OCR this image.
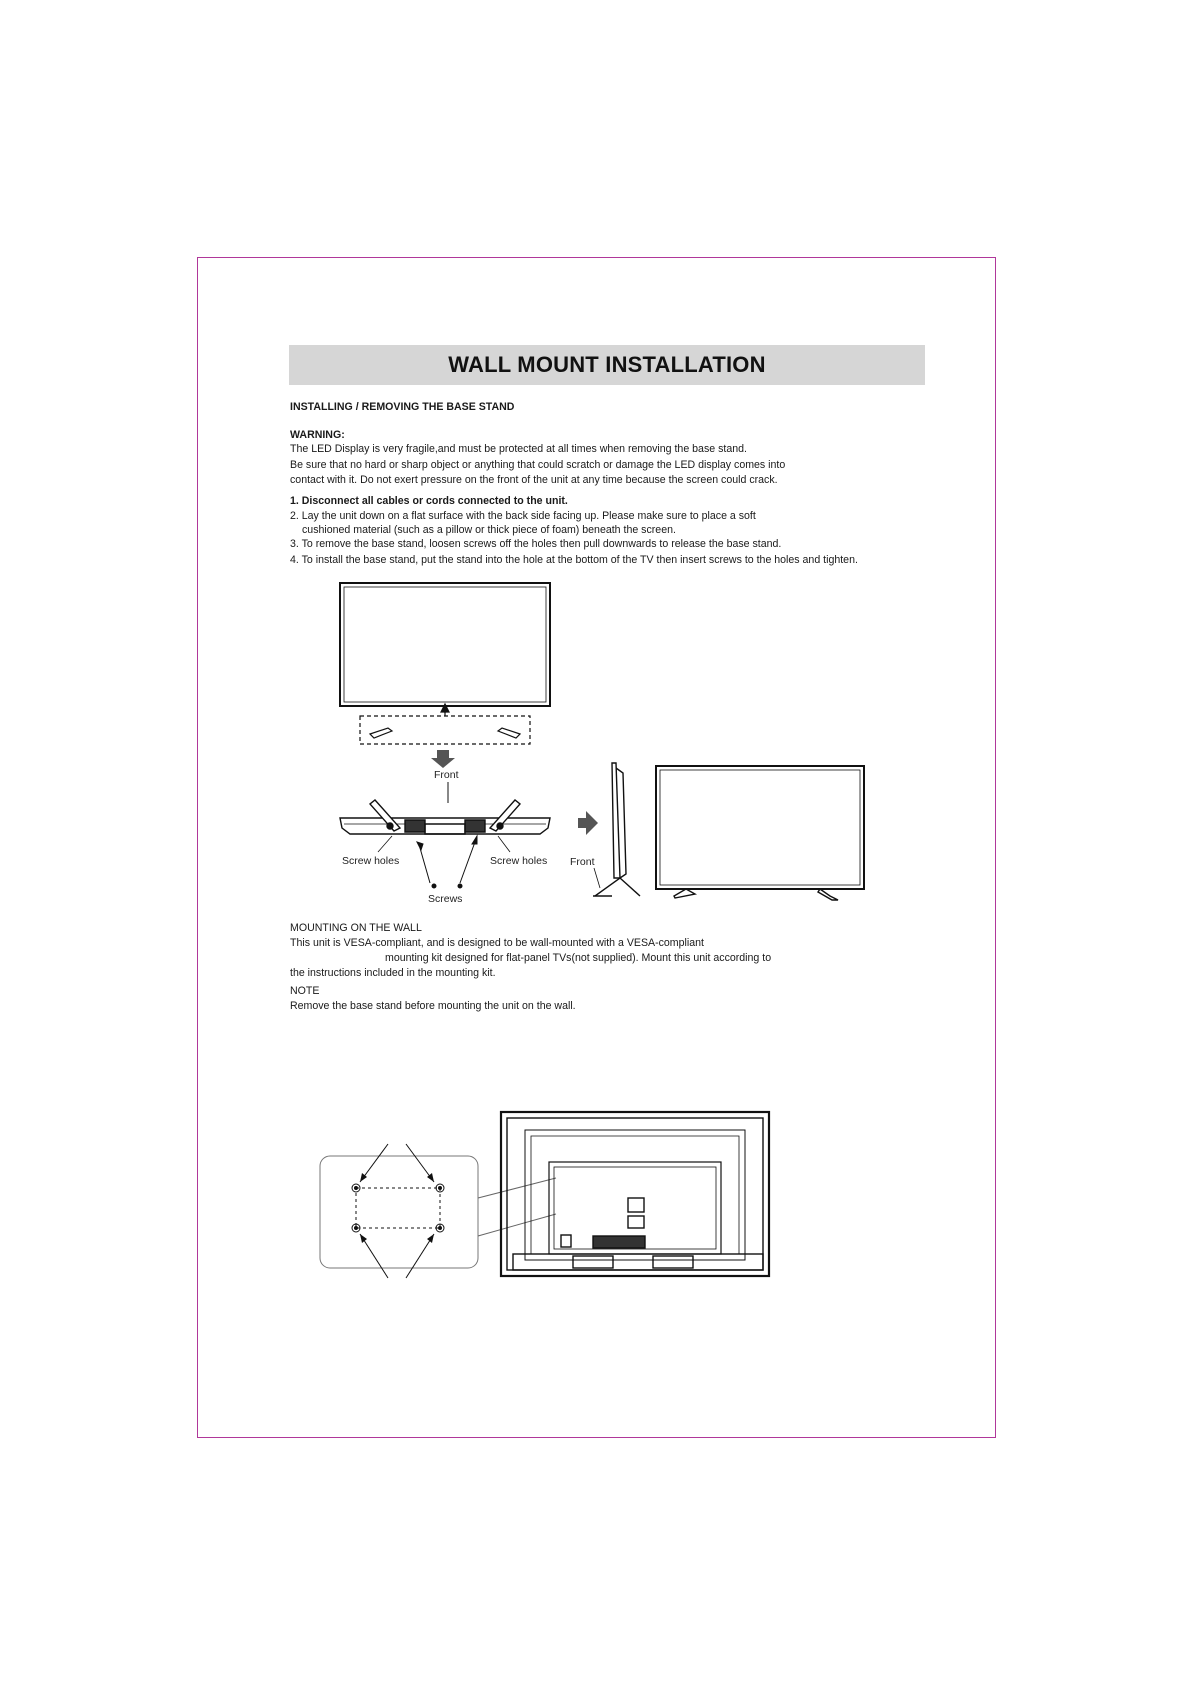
WALL MOUNT INSTALLATION
INSTALLING / REMOVING THE BASE STAND
WARNING:
The LED Display is very fragile,and must be protected at all times when removing the base stand.
Be sure that no hard or sharp object or anything that could scratch or damage the LED display comes into
contact with it. Do not exert pressure on the front of the unit at any time because the screen could crack.
1. Disconnect all cables or cords connected to the unit.
2. Lay the unit down on a flat surface with the back side facing up. Please make sure to place a soft
cushioned material (such as a pillow or thick piece of foam) beneath the screen.
3. To remove the base stand, loosen screws off the holes then pull downwards to release the base stand.
4. To install the base stand, put the stand into the hole at the bottom of the TV then insert screws to the holes and tighten.
Front
Screw holes	Screw holes
Screws
Front
MOUNTING ON THE WALL
This unit is VESA-compliant, and is designed to be wall-mounted with a VESA-compliant
mounting kit designed for flat-panel TVs(not supplied). Mount this unit according to
the instructions included in the mounting kit.
NOTE
Remove the base stand before mounting the unit on the wall.
